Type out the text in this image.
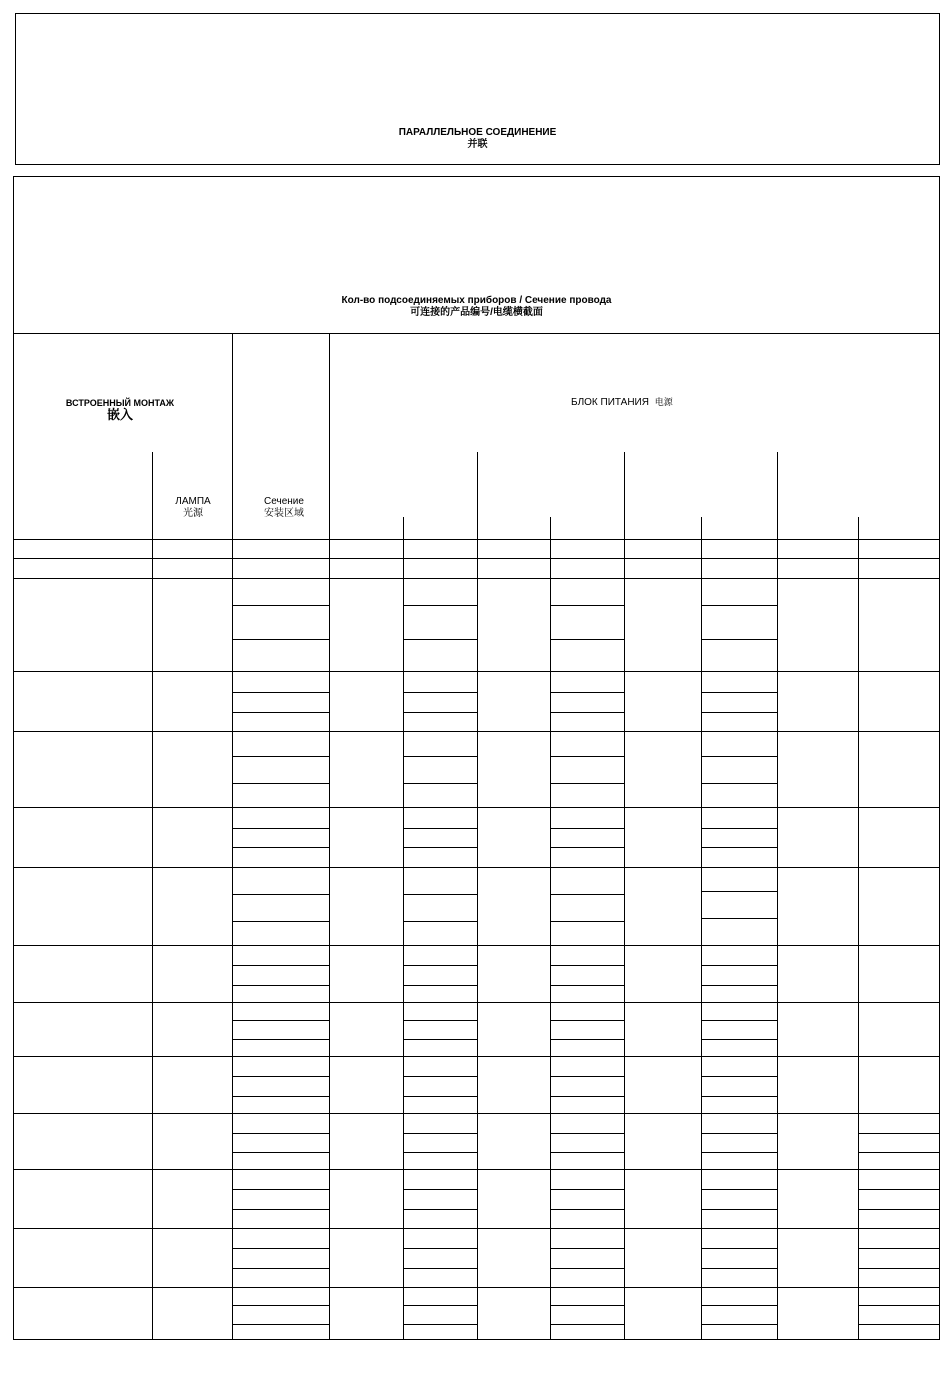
ПАРАЛЛЕЛЬНОЕ СОЕДИНЕНИЕ
并联
Кол-во подсоединяемых приборов / Сечение провода
可连接的产品编号/电缆横截面
ВСТРОЕННЫЙ МОНТАЖ
嵌入
БЛОК ПИТАНИЯ 电源
ЛАМПА
光源
Сечение
安装区域
